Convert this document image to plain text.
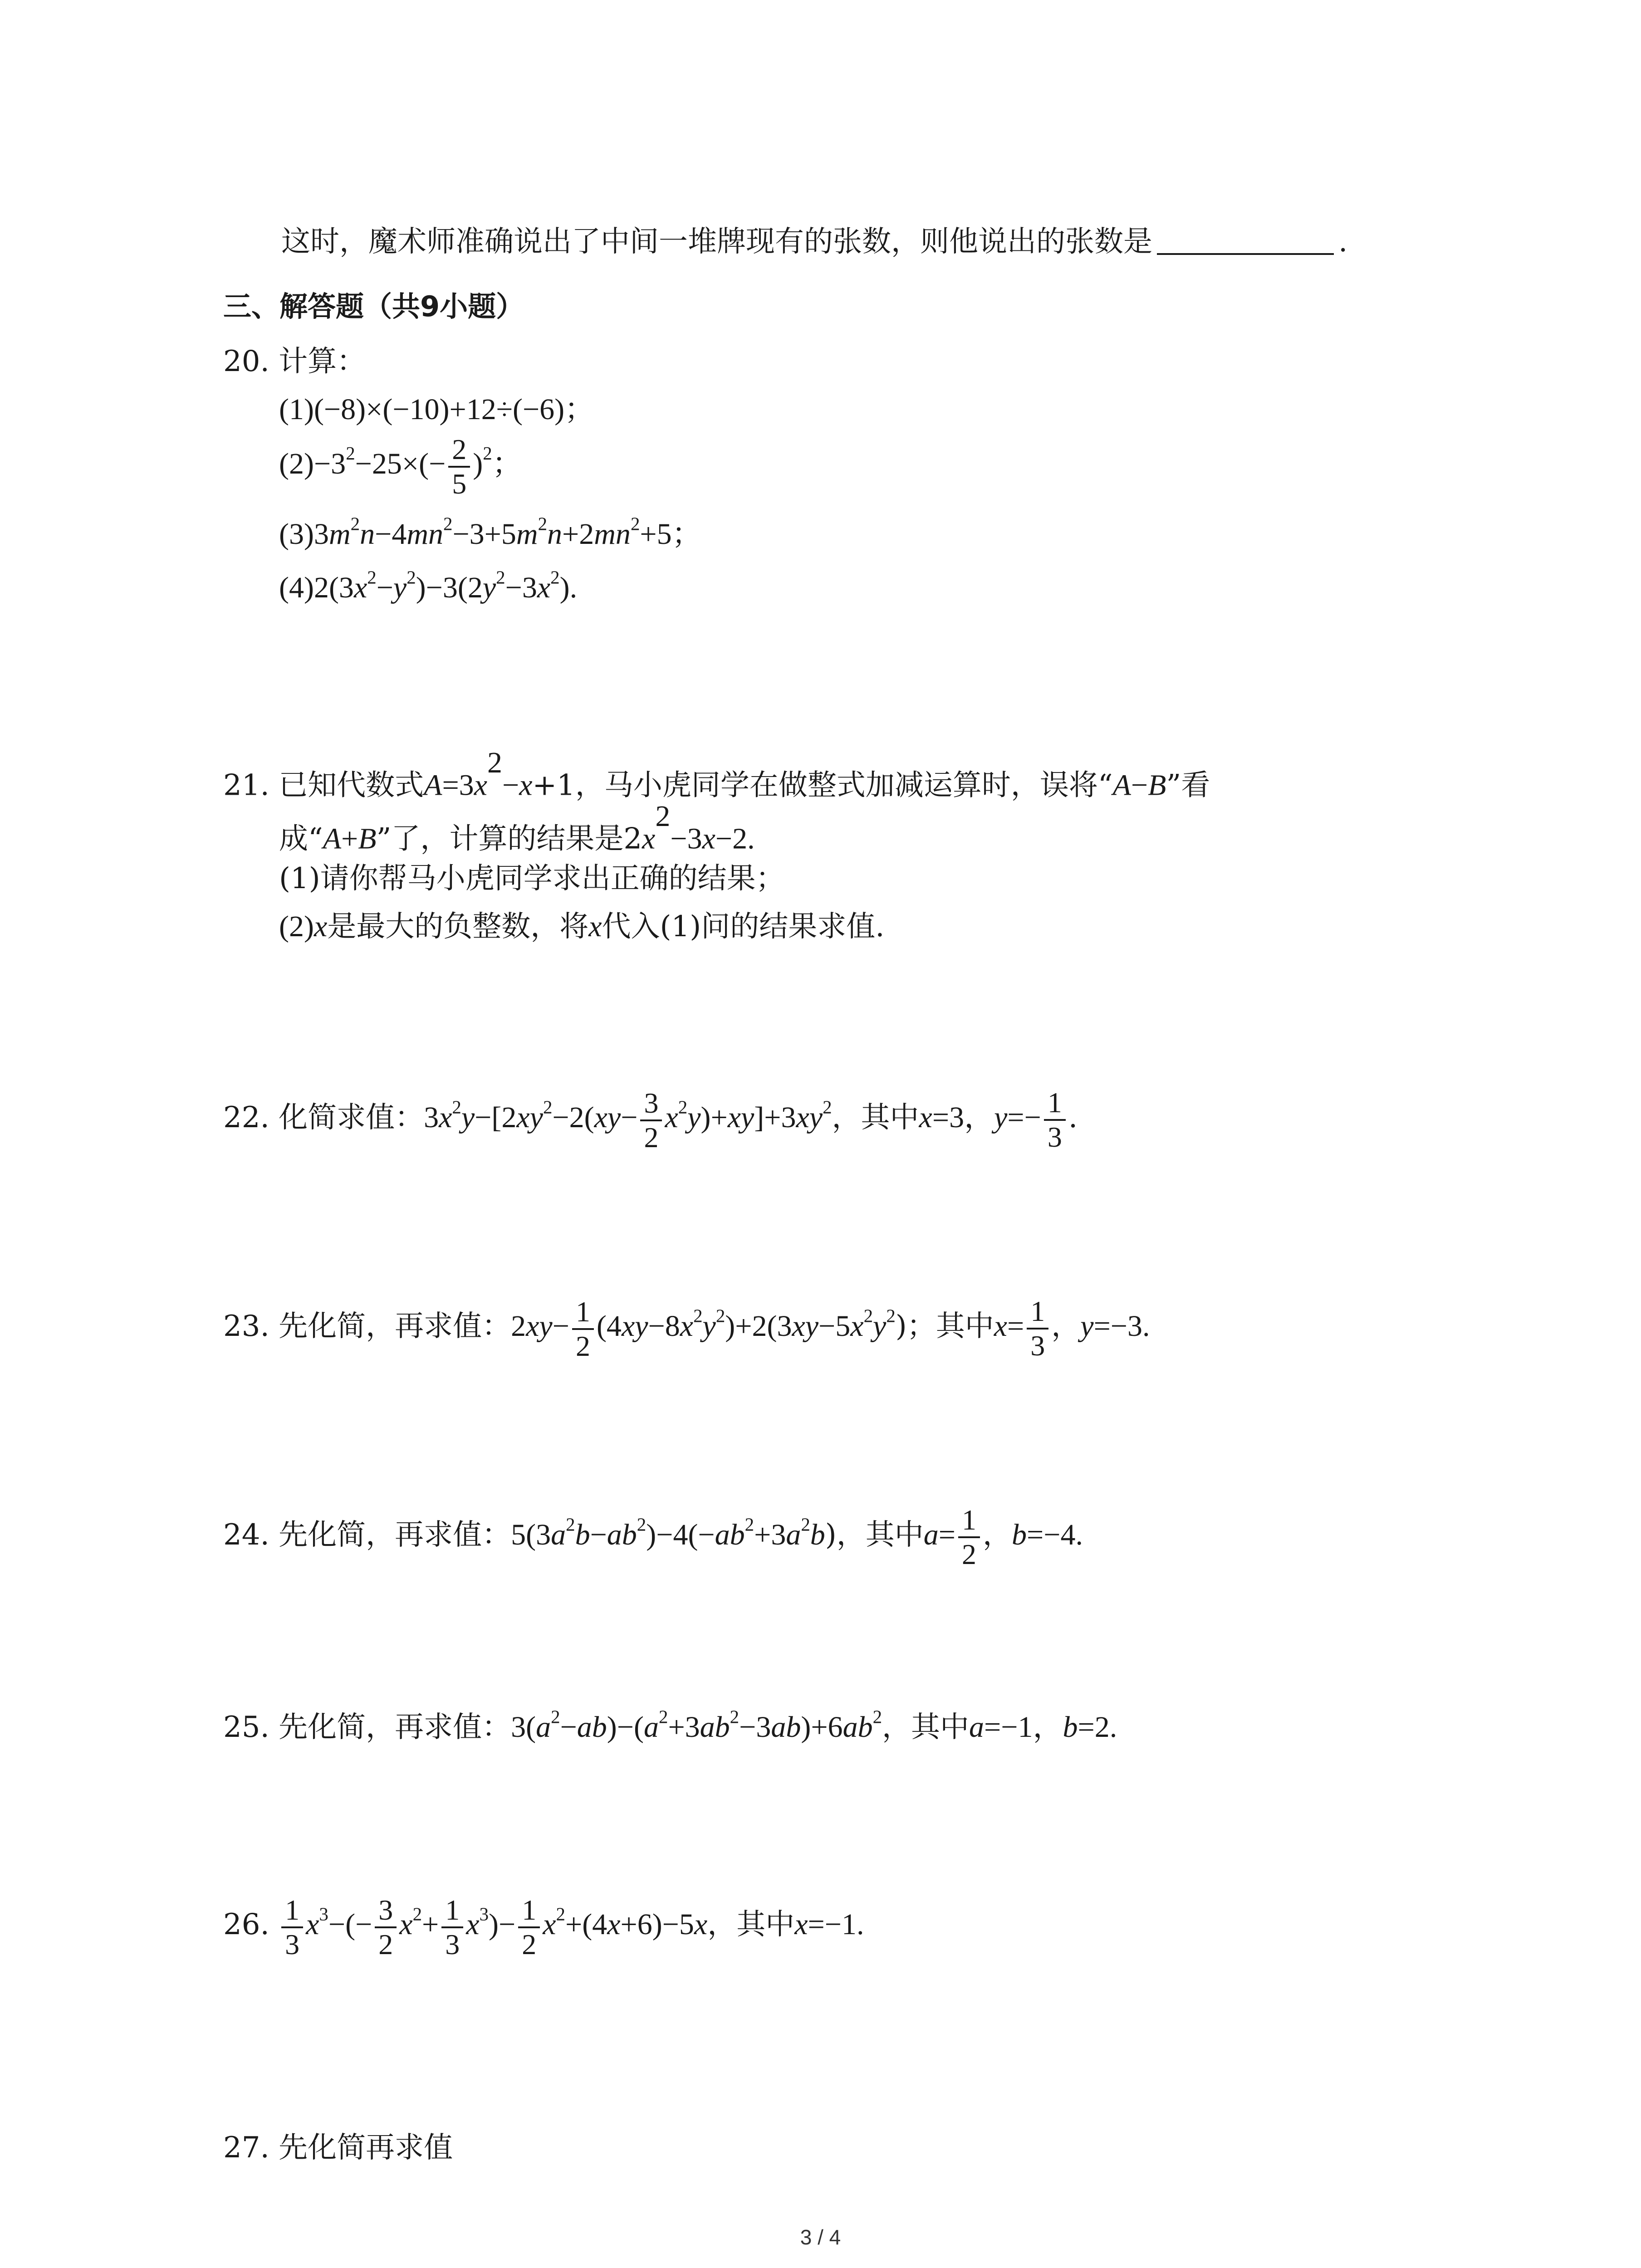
这时，魔术师准确说出了中间一堆牌现有的张数，则他说出的张数是	.
三、解答题（共9小题）
20. 计算：
(1)(−8)×(−10)+12÷(−6)；
$(2)-3^2-25\times(- \frac{2}{5} )^2$；
$(3)3m^2n-4mn^2-3+5m^2n+2mn^2+5$；
$(4)2(3x^2-y^2)-3(2y^2-3x^2)$.
21. 已知代数式$A=3x^2-x+1$，马小虎同学在做整式加减运算时，误将“A−B”看
成“A+B”了，计算的结果是$2x^2-3x-2$.
(1)请你帮马小虎同学求出正确的结果；
(2)x是最大的负整数，将x代入(1)问的结果求值.
22. 化简求值：$3x^2y-[2xy^2-2(xy- \frac{3}{2} x^2y)+xy]+3xy^2$，其中x=3，$y=- \frac{1}{3}$ .
23. 先化简，再求值：$2xy- \frac{1}{2} (4xy-8x^2y^2)+2(3xy-5x^2y^2)$；其中$x= \frac{1}{3}$ ，y=−3.
24. 先化简，再求值：$5(3a^2b-ab^2)-4(-ab^2+3a^2b)$，其中$a= \frac{1}{2}$ ，b=−4.
25. 先化简，再求值：$3(a^2-ab)-(a^2+3ab^2-3ab)+6ab^2$，其中a=−1，b=2.
26. $\frac{1}{3} x^3-(- \frac{3}{2} x^2+ \frac{1}{3} x^3)- \frac{1}{2} x^2+(4x+6)-5x$，其中x=−1.
27. 先化简再求值
3 / 4
